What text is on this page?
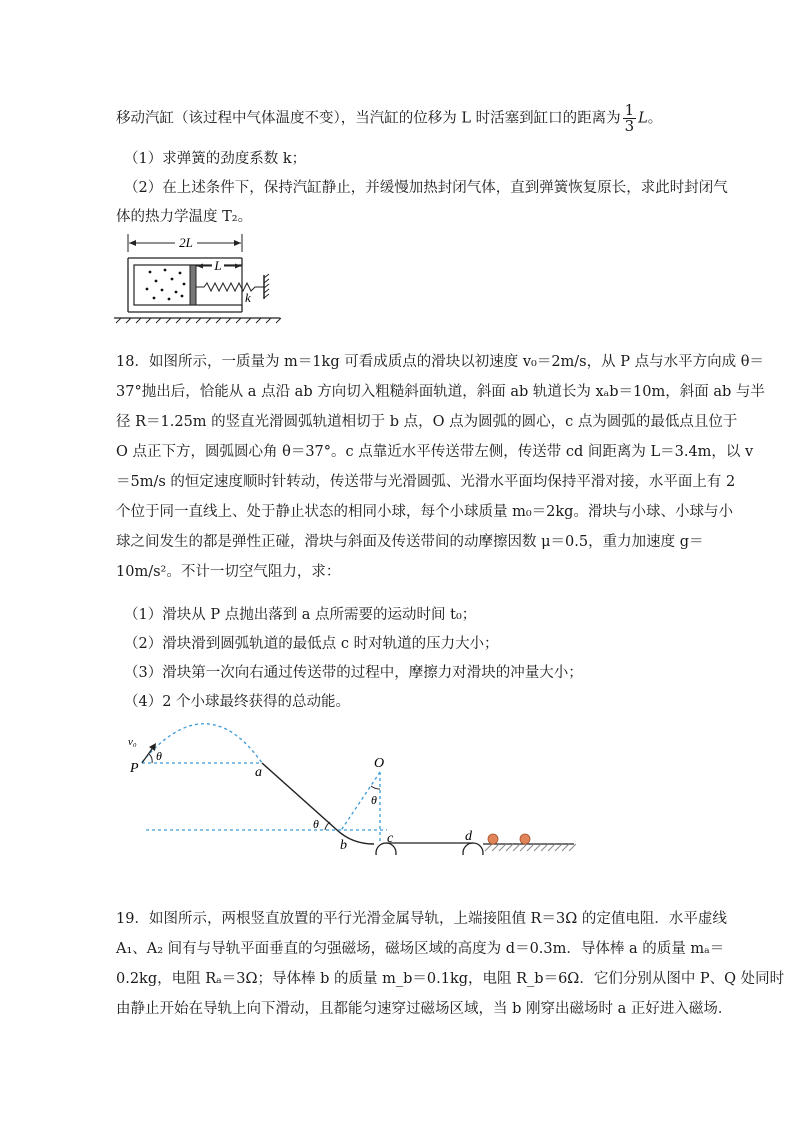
移动汽缸（该过程中气体温度不变），当汽缸的位移为 L 时活塞到缸口的距离为 $\frac{1}{3}$ L。
（1）求弹簧的劲度系数 k；
（2）在上述条件下，保持汽缸静止，并缓慢加热封闭气体，直到弹簧恢复原长，求此时封闭气
体的热力学温度 T₂。
2L
L
k
18．如图所示，一质量为 m＝1kg 可看成质点的滑块以初速度 v₀＝2m/s，从 P 点与水平方向成 θ＝
37°抛出后，恰能从 a 点沿 ab 方向切入粗糙斜面轨道，斜面 ab 轨道长为 xₐb＝10m，斜面 ab 与半
径 R＝1.25m 的竖直光滑圆弧轨道相切于 b 点，O 点为圆弧的圆心，c 点为圆弧的最低点且位于
O 点正下方，圆弧圆心角 θ＝37°。c 点靠近水平传送带左侧，传送带 cd 间距离为 L＝3.4m，以 v
＝5m/s 的恒定速度顺时针转动，传送带与光滑圆弧、光滑水平面均保持平滑对接，水平面上有 2
个位于同一直线上、处于静止状态的相同小球，每个小球质量 m₀＝2kg。滑块与小球、小球与小
球之间发生的都是弹性正碰，滑块与斜面及传送带间的动摩擦因数 μ＝0.5，重力加速度 g＝
10m/s²。不计一切空气阻力，求：
（1）滑块从 P 点抛出落到 a 点所需要的运动时间 t₀；
（2）滑块滑到圆弧轨道的最低点 c 时对轨道的压力大小；
（3）滑块第一次向右通过传送带的过程中，摩擦力对滑块的冲量大小；
（4）2 个小球最终获得的总动能。
v₀
θ
P	a
O
θ
θ
b	c	d
19．如图所示，两根竖直放置的平行光滑金属导轨，上端接阻值 R＝3Ω 的定值电阻．水平虚线
A₁、A₂ 间有与导轨平面垂直的匀强磁场，磁场区域的高度为 d＝0.3m．导体棒 a 的质量 mₐ＝
0.2kg，电阻 Rₐ＝3Ω；导体棒 b 的质量 m_b＝0.1kg，电阻 R_b＝6Ω．它们分别从图中 P、Q 处同时
由静止开始在导轨上向下滑动，且都能匀速穿过磁场区域，当 b 刚穿出磁场时 a 正好进入磁场．
